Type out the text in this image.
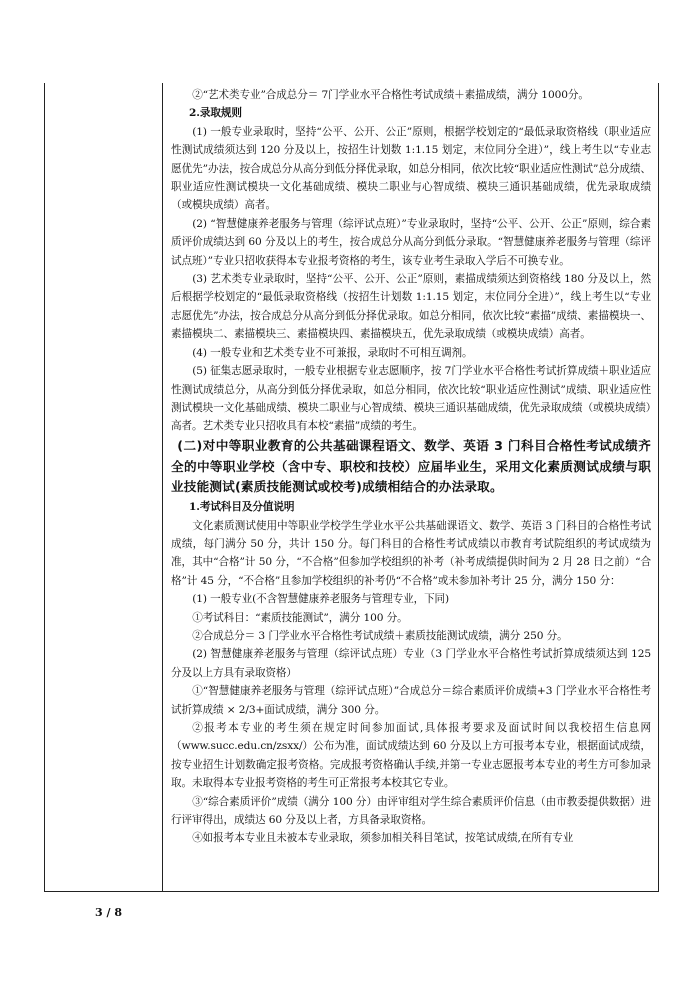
②“艺术类专业”合成总分＝ 7门学业水平合格性考试成绩＋素描成绩，满分 1000分。

2.录取规则

(1) 一般专业录取时，坚持“公平、公开、公正”原则，根据学校划定的“最低录取资格线（职业适应性测试成绩须达到 120 分及以上，按招生计划数 1:1.15 划定，末位同分全进）”，线上考生以“专业志愿优先”办法，按合成总分从高分到低分择优录取，如总分相同，依次比较“职业适应性测试”总分成绩、职业适应性测试模块一文化基础成绩、模块二职业与心智成绩、模块三通识基础成绩，优先录取成绩（或模块成绩）高者。

(2) “智慧健康养老服务与管理（综评试点班）”专业录取时，坚持“公平、公开、公正”原则，综合素质评价成绩达到 60 分及以上的考生，按合成总分从高分到低分录取。“智慧健康养老服务与管理（综评试点班）”专业只招收获得本专业报考资格的考生，该专业考生录取入学后不可换专业。

(3) 艺术类专业录取时，坚持“公平、公开、公正”原则，素描成绩须达到资格线 180 分及以上，然后根据学校划定的“最低录取资格线（按招生计划数 1:1.15 划定，末位同分全进）”，线上考生以“专业志愿优先”办法，按合成总分从高分到低分择优录取。如总分相同，依次比较“素描”成绩、素描模块一、素描模块二、素描模块三、素描模块四、素描模块五，优先录取成绩（或模块成绩）高者。

(4) 一般专业和艺术类专业不可兼报，录取时不可相互调剂。

(5) 征集志愿录取时，一般专业根据专业志愿顺序，按 7门学业水平合格性考试折算成绩＋职业适应性测试成绩总分，从高分到低分择优录取，如总分相同，依次比较“职业适应性测试”成绩、职业适应性测试模块一文化基础成绩、模块二职业与心智成绩、模块三通识基础成绩，优先录取成绩（或模块成绩）高者。艺术类专业只招收具有本校“素描”成绩的考生。

(二)对中等职业教育的公共基础课程语文、数学、英语 3 门科目合格性考试成绩齐全的中等职业学校（含中专、职校和技校）应届毕业生，采用文化素质测试成绩与职业技能测试(素质技能测试或校考)成绩相结合的办法录取。

1.考试科目及分值说明

文化素质测试使用中等职业学校学生学业水平公共基础课语文、数学、英语 3 门科目的合格性考试成绩，每门满分 50 分，共计 150 分。每门科目的合格性考试成绩以市教育考试院组织的考试成绩为准，其中“合格”计 50 分，“不合格”但参加学校组织的补考（补考成绩提供时间为 2 月 28 日之前）“合格”计 45 分，“不合格”且参加学校组织的补考仍“不合格”或未参加补考计 25 分，满分 150 分：

(1) 一般专业(不含智慧健康养老服务与管理专业，下同)

①考试科目：“素质技能测试”，满分 100 分。

②合成总分＝ 3 门学业水平合格性考试成绩＋素质技能测试成绩，满分 250 分。

(2) 智慧健康养老服务与管理（综评试点班）专业（3 门学业水平合格性考试折算成绩须达到 125 分及以上方具有录取资格）

①“智慧健康养老服务与管理（综评试点班）”合成总分＝综合素质评价成绩+3 门学业水平合格性考试折算成绩 × 2/3+面试成绩，满分 300 分。

②报考本专业的考生须在规定时间参加面试,具体报考要求及面试时间以我校招生信息网（www.succ.edu.cn/zsxx/）公布为准，面试成绩达到 60 分及以上方可报考本专业，根据面试成绩，按专业招生计划数确定报考资格。完成报考资格确认手续,并第一专业志愿报考本专业的考生方可参加录取。未取得本专业报考资格的考生可正常报考本校其它专业。

③“综合素质评价”成绩（满分 100 分）由评审组对学生综合素质评价信息（由市教委提供数据）进行评审得出，成绩达 60 分及以上者，方具备录取资格。

④如报考本专业且未被本专业录取，须参加相关科目笔试，按笔试成绩,在所有专业

3 / 8
